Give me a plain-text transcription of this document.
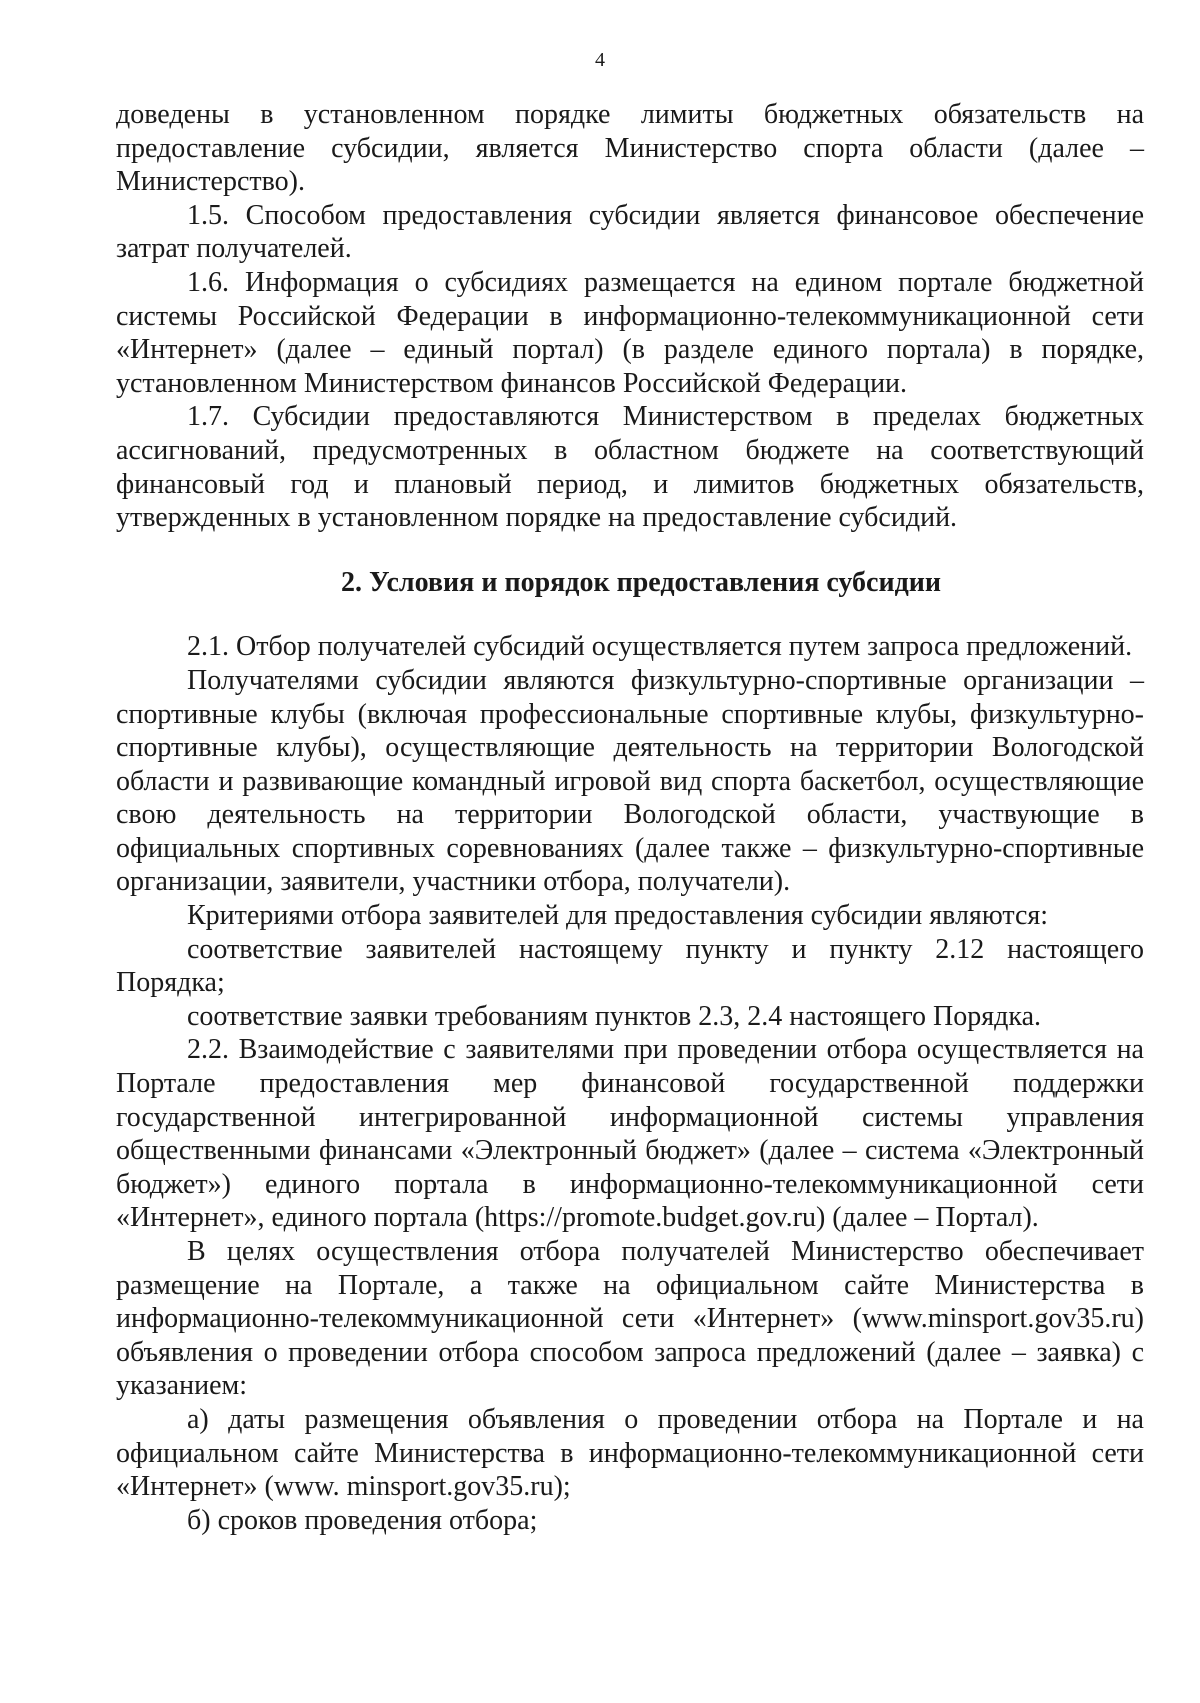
4

доведены в установленном порядке лимиты бюджетных обязательств на предоставление субсидии, является Министерство спорта области (далее – Министерство).

1.5. Способом предоставления субсидии является финансовое обеспечение затрат получателей.

1.6. Информация о субсидиях размещается на едином портале бюджетной системы Российской Федерации в информационно-телекоммуникационной сети «Интернет» (далее – единый портал) (в разделе единого портала) в порядке, установленном Министерством финансов Российской Федерации.

1.7. Субсидии предоставляются Министерством в пределах бюджетных ассигнований, предусмотренных в областном бюджете на соответствующий финансовый год и плановый период, и лимитов бюджетных обязательств, утвержденных в установленном порядке на предоставление субсидий.

2. Условия и порядок предоставления субсидии

2.1. Отбор получателей субсидий осуществляется путем запроса предложений.

Получателями субсидии являются физкультурно-спортивные организации – спортивные клубы (включая профессиональные спортивные клубы, физкультурно-спортивные клубы), осуществляющие деятельность на территории Вологодской области и развивающие командный игровой вид спорта баскетбол, осуществляющие свою деятельность на территории Вологодской области, участвующие в официальных спортивных соревнованиях (далее также – физкультурно-спортивные организации, заявители, участники отбора, получатели).

Критериями отбора заявителей для предоставления субсидии являются:

соответствие заявителей настоящему пункту и пункту 2.12 настоящего Порядка;

соответствие заявки требованиям пунктов 2.3, 2.4 настоящего Порядка.

2.2. Взаимодействие с заявителями при проведении отбора осуществляется на Портале предоставления мер финансовой государственной поддержки государственной интегрированной информационной системы управления общественными финансами «Электронный бюджет» (далее – система «Электронный бюджет») единого портала в информационно-телекоммуникационной сети «Интернет», единого портала (https://promote.budget.gov.ru) (далее – Портал).

В целях осуществления отбора получателей Министерство обеспечивает размещение на Портале, а также на официальном сайте Министерства в информационно-телекоммуникационной сети «Интернет» (www.minsport.gov35.ru) объявления о проведении отбора способом запроса предложений (далее – заявка) с указанием:

а) даты размещения объявления о проведении отбора на Портале и на официальном сайте Министерства в информационно-телекоммуникационной сети «Интернет» (www. minsport.gov35.ru);

б) сроков проведения отбора;
